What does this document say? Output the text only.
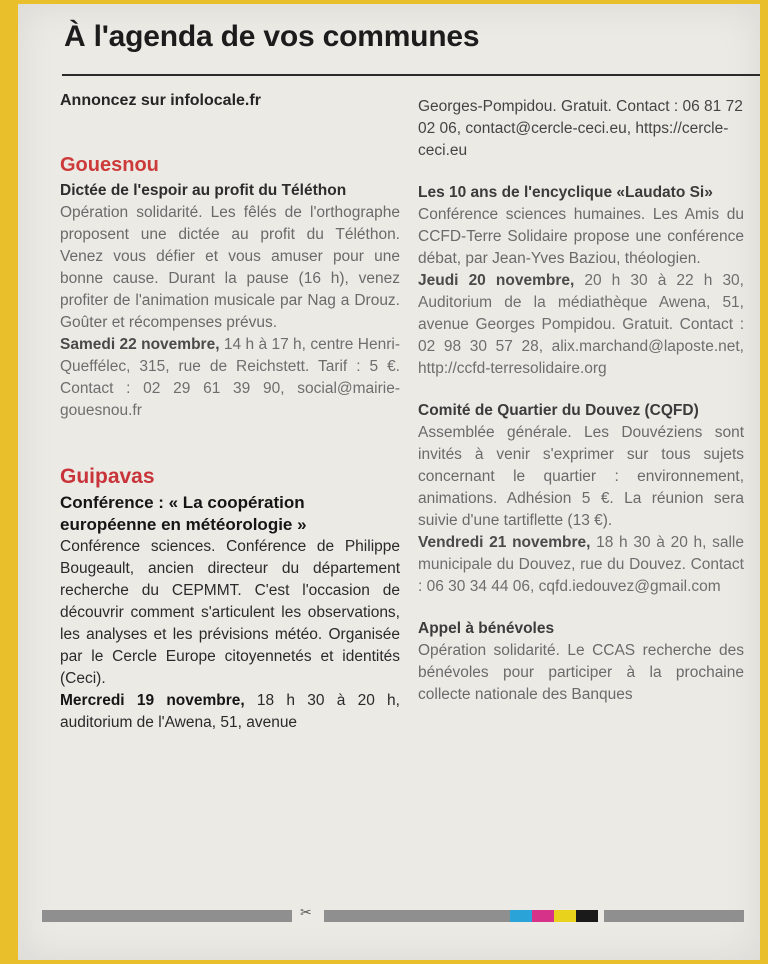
À l'agenda de vos communes
Annoncez sur infolocale.fr
Gouesnou
Dictée de l'espoir au profit du Téléthon
Opération solidarité. Les fêlés de l'orthographe proposent une dictée au profit du Téléthon. Venez vous défier et vous amuser pour une bonne cause. Durant la pause (16 h), venez profiter de l'animation musicale par Nag a Drouz. Goûter et récompenses prévus.
Samedi 22 novembre, 14 h à 17 h, centre Henri-Queffélec, 315, rue de Reichstett. Tarif : 5 €. Contact : 02 29 61 39 90, social@mairie-gouesnou.fr
Guipavas
Conférence : « La coopération européenne en météorologie »
Conférence sciences. Conférence de Philippe Bougeault, ancien directeur du département recherche du CEPMMT. C'est l'occasion de découvrir comment s'articulent les observations, les analyses et les prévisions météo. Organisée par le Cercle Europe citoyennetés et identités (Ceci).
Mercredi 19 novembre, 18 h 30 à 20 h, auditorium de l'Awena, 51, avenue
Georges-Pompidou. Gratuit. Contact : 06 81 72 02 06, contact@cercle-ceci.eu, https://cercle-ceci.eu
Les 10 ans de l'encyclique «Laudato Si»
Conférence sciences humaines. Les Amis du CCFD-Terre Solidaire propose une conférence débat, par Jean-Yves Baziou, théologien.
Jeudi 20 novembre, 20 h 30 à 22 h 30, Auditorium de la médiathèque Awena, 51, avenue Georges Pompidou. Gratuit. Contact : 02 98 30 57 28, alix.marchand@laposte.net, http://ccfd-terresolidaire.org
Comité de Quartier du Douvez (CQFD)
Assemblée générale. Les Douvéziens sont invités à venir s'exprimer sur tous sujets concernant le quartier : environnement, animations. Adhésion 5 €. La réunion sera suivie d'une tartiflette (13 €).
Vendredi 21 novembre, 18 h 30 à 20 h, salle municipale du Douvez, rue du Douvez. Contact : 06 30 34 44 06, cqfd.iedouvez@gmail.com
Appel à bénévoles
Opération solidarité. Le CCAS recherche des bénévoles pour participer à la prochaine collecte nationale des Banques
✂
